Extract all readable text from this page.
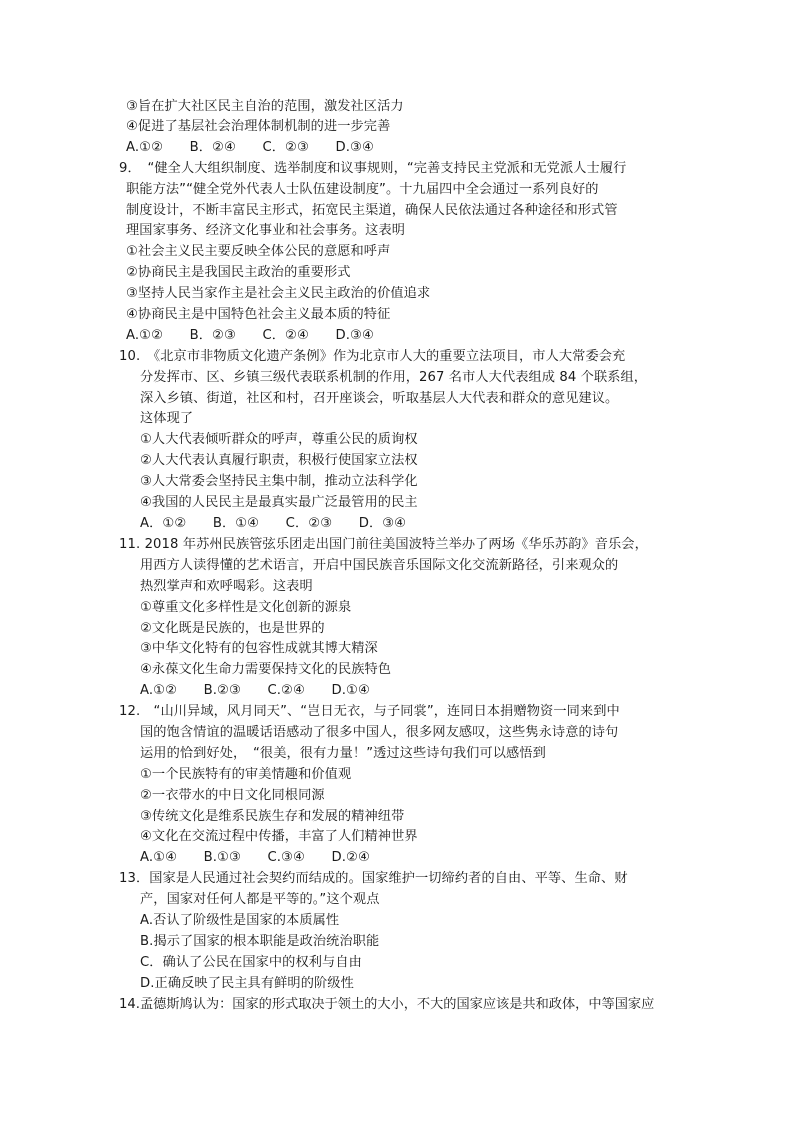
③旨在扩大社区民主自治的范围，激发社区活力
④促进了基层社会治理体制机制的进一步完善
A.①②　　B．②④　　C．②③　　D.③④
9．　“健全人大组织制度、选举制度和议事规则，“完善支持民主党派和无党派人士履行
职能方法”“健全党外代表人士队伍建设制度”。十九届四中全会通过一系列良好的
制度设计，不断丰富民主形式，拓宽民主渠道，确保人民依法通过各种途径和形式管
理国家事务、经济文化事业和社会事务。这表明
①社会主义民主要反映全体公民的意愿和呼声
②协商民主是我国民主政治的重要形式
③坚持人民当家作主是社会主义民主政治的价值追求
④协商民主是中国特色社会主义最本质的特征
A.①②　　B．②③　　C．②④　　D.③④
10.　《北京市非物质文化遗产条例》作为北京市人大的重要立法项目，市人大常委会充
分发挥市、区、乡镇三级代表联系机制的作用，267 名市人大代表组成 84 个联系组，
深入乡镇、街道，社区和村，召开座谈会，听取基层人大代表和群众的意见建议。
这体现了
①人大代表倾听群众的呼声，尊重公民的质询权
②人大代表认真履行职责，积极行使国家立法权
③人大常委会坚持民主集中制，推动立法科学化
④我国的人民民主是最真实最广泛最管用的民主
A．①②　　B．①④　　C．②③　　D．③④
11. 2018 年苏州民族管弦乐团走出国门前往美国波特兰举办了两场《华乐苏韵》音乐会，
用西方人读得懂的艺术语言，开启中国民族音乐国际文化交流新路径，引来观众的
热烈掌声和欢呼喝彩。这表明
①尊重文化多样性是文化创新的源泉
②文化既是民族的，也是世界的
③中华文化特有的包容性成就其博大精深
④永葆文化生命力需要保持文化的民族特色
A.①②　　B.②③　　C.②④　　D.①④
12.　“山川异域，风月同天”、“岂日无衣，与子同裳”，连同日本捐赠物资一同来到中
国的饱含情谊的温暖话语感动了很多中国人，很多网友感叹，这些隽永诗意的诗句
运用的恰到好处，　“很美，很有力量！”透过这些诗句我们可以感悟到
①一个民族特有的审美情趣和价值观
②一衣带水的中日文化同根同源
③传统文化是维系民族生存和发展的精神纽带
④文化在交流过程中传播，丰富了人们精神世界
A.①④　　B.①③　　C.③④　　D.②④
13．国家是人民通过社会契约而结成的。国家维护一切缔约者的自由、平等、生命、财
产，国家对任何人都是平等的。”这个观点
A.否认了阶级性是国家的本质属性
B.揭示了国家的根本职能是政治统治职能
C．确认了公民在国家中的权利与自由
D.正确反映了民主具有鲜明的阶级性
14.孟德斯鸠认为：国家的形式取决于领土的大小，不大的国家应该是共和政体，中等国家应
